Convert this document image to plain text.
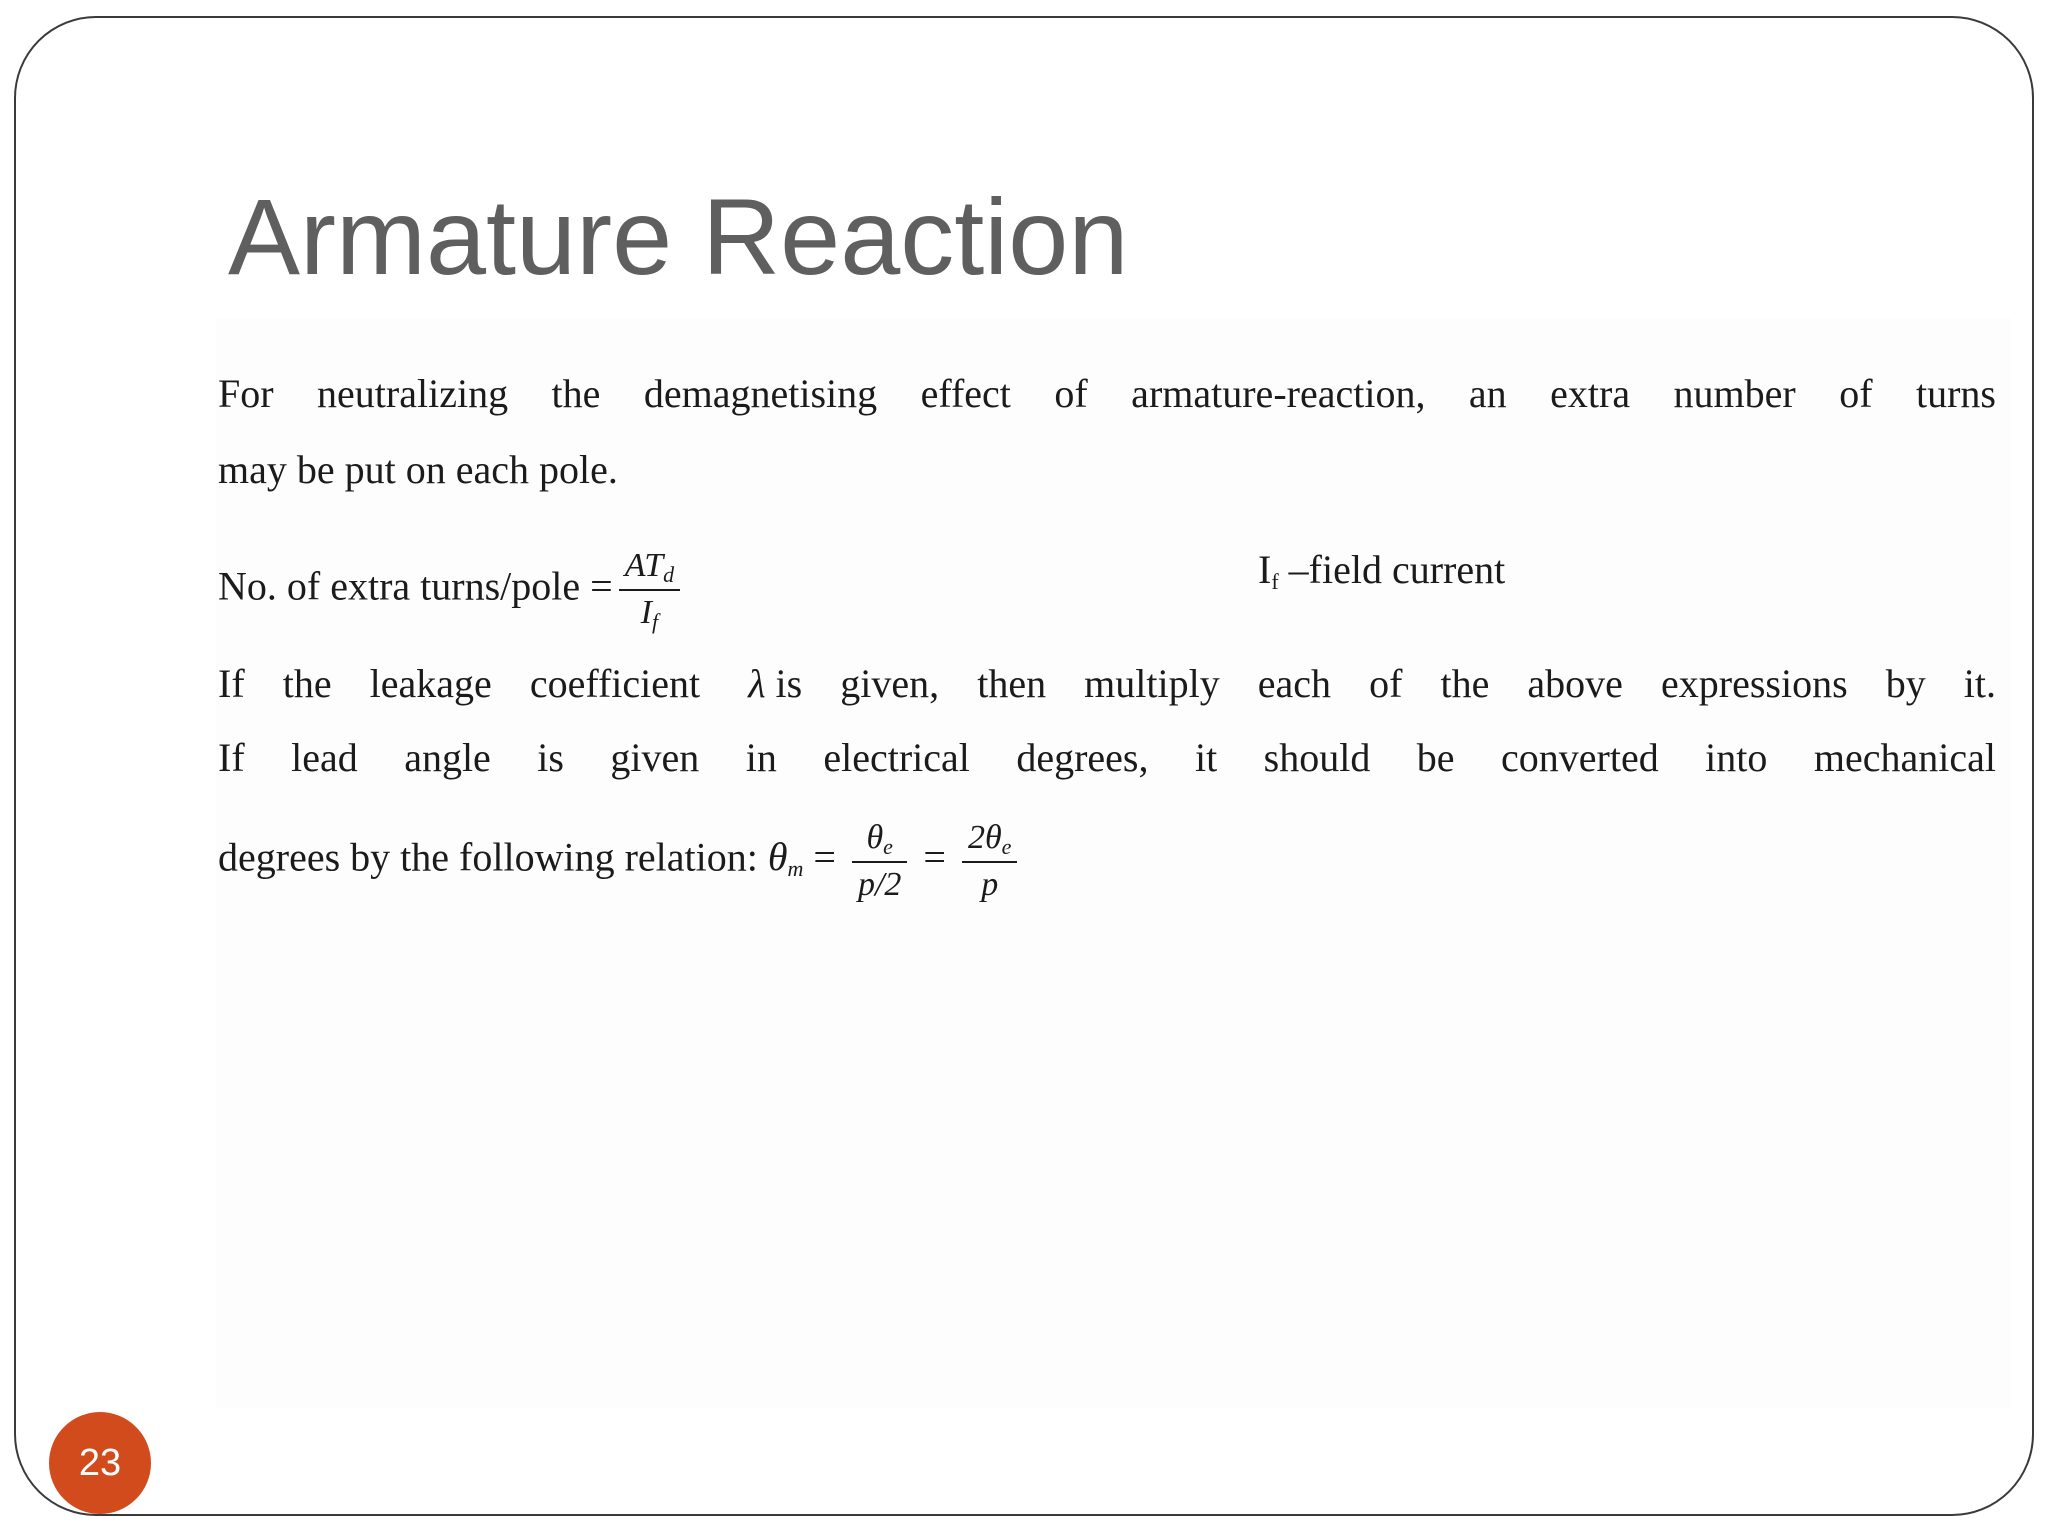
Armature Reaction
For neutralizing the demagnetising effect of armature-reaction, an extra number of turns
may be put on each pole.
No. of extra turns/pole = $\frac{AT_d}{I_f}$	$I_f$ –field current
If the leakage coefficient λ is given, then multiply each of the above expressions by it.
If lead angle is given in electrical degrees, it should be converted into mechanical
degrees by the following relation: $\theta_m = \frac{\theta_e}{p/2} = \frac{2\theta_e}{p}$
23
